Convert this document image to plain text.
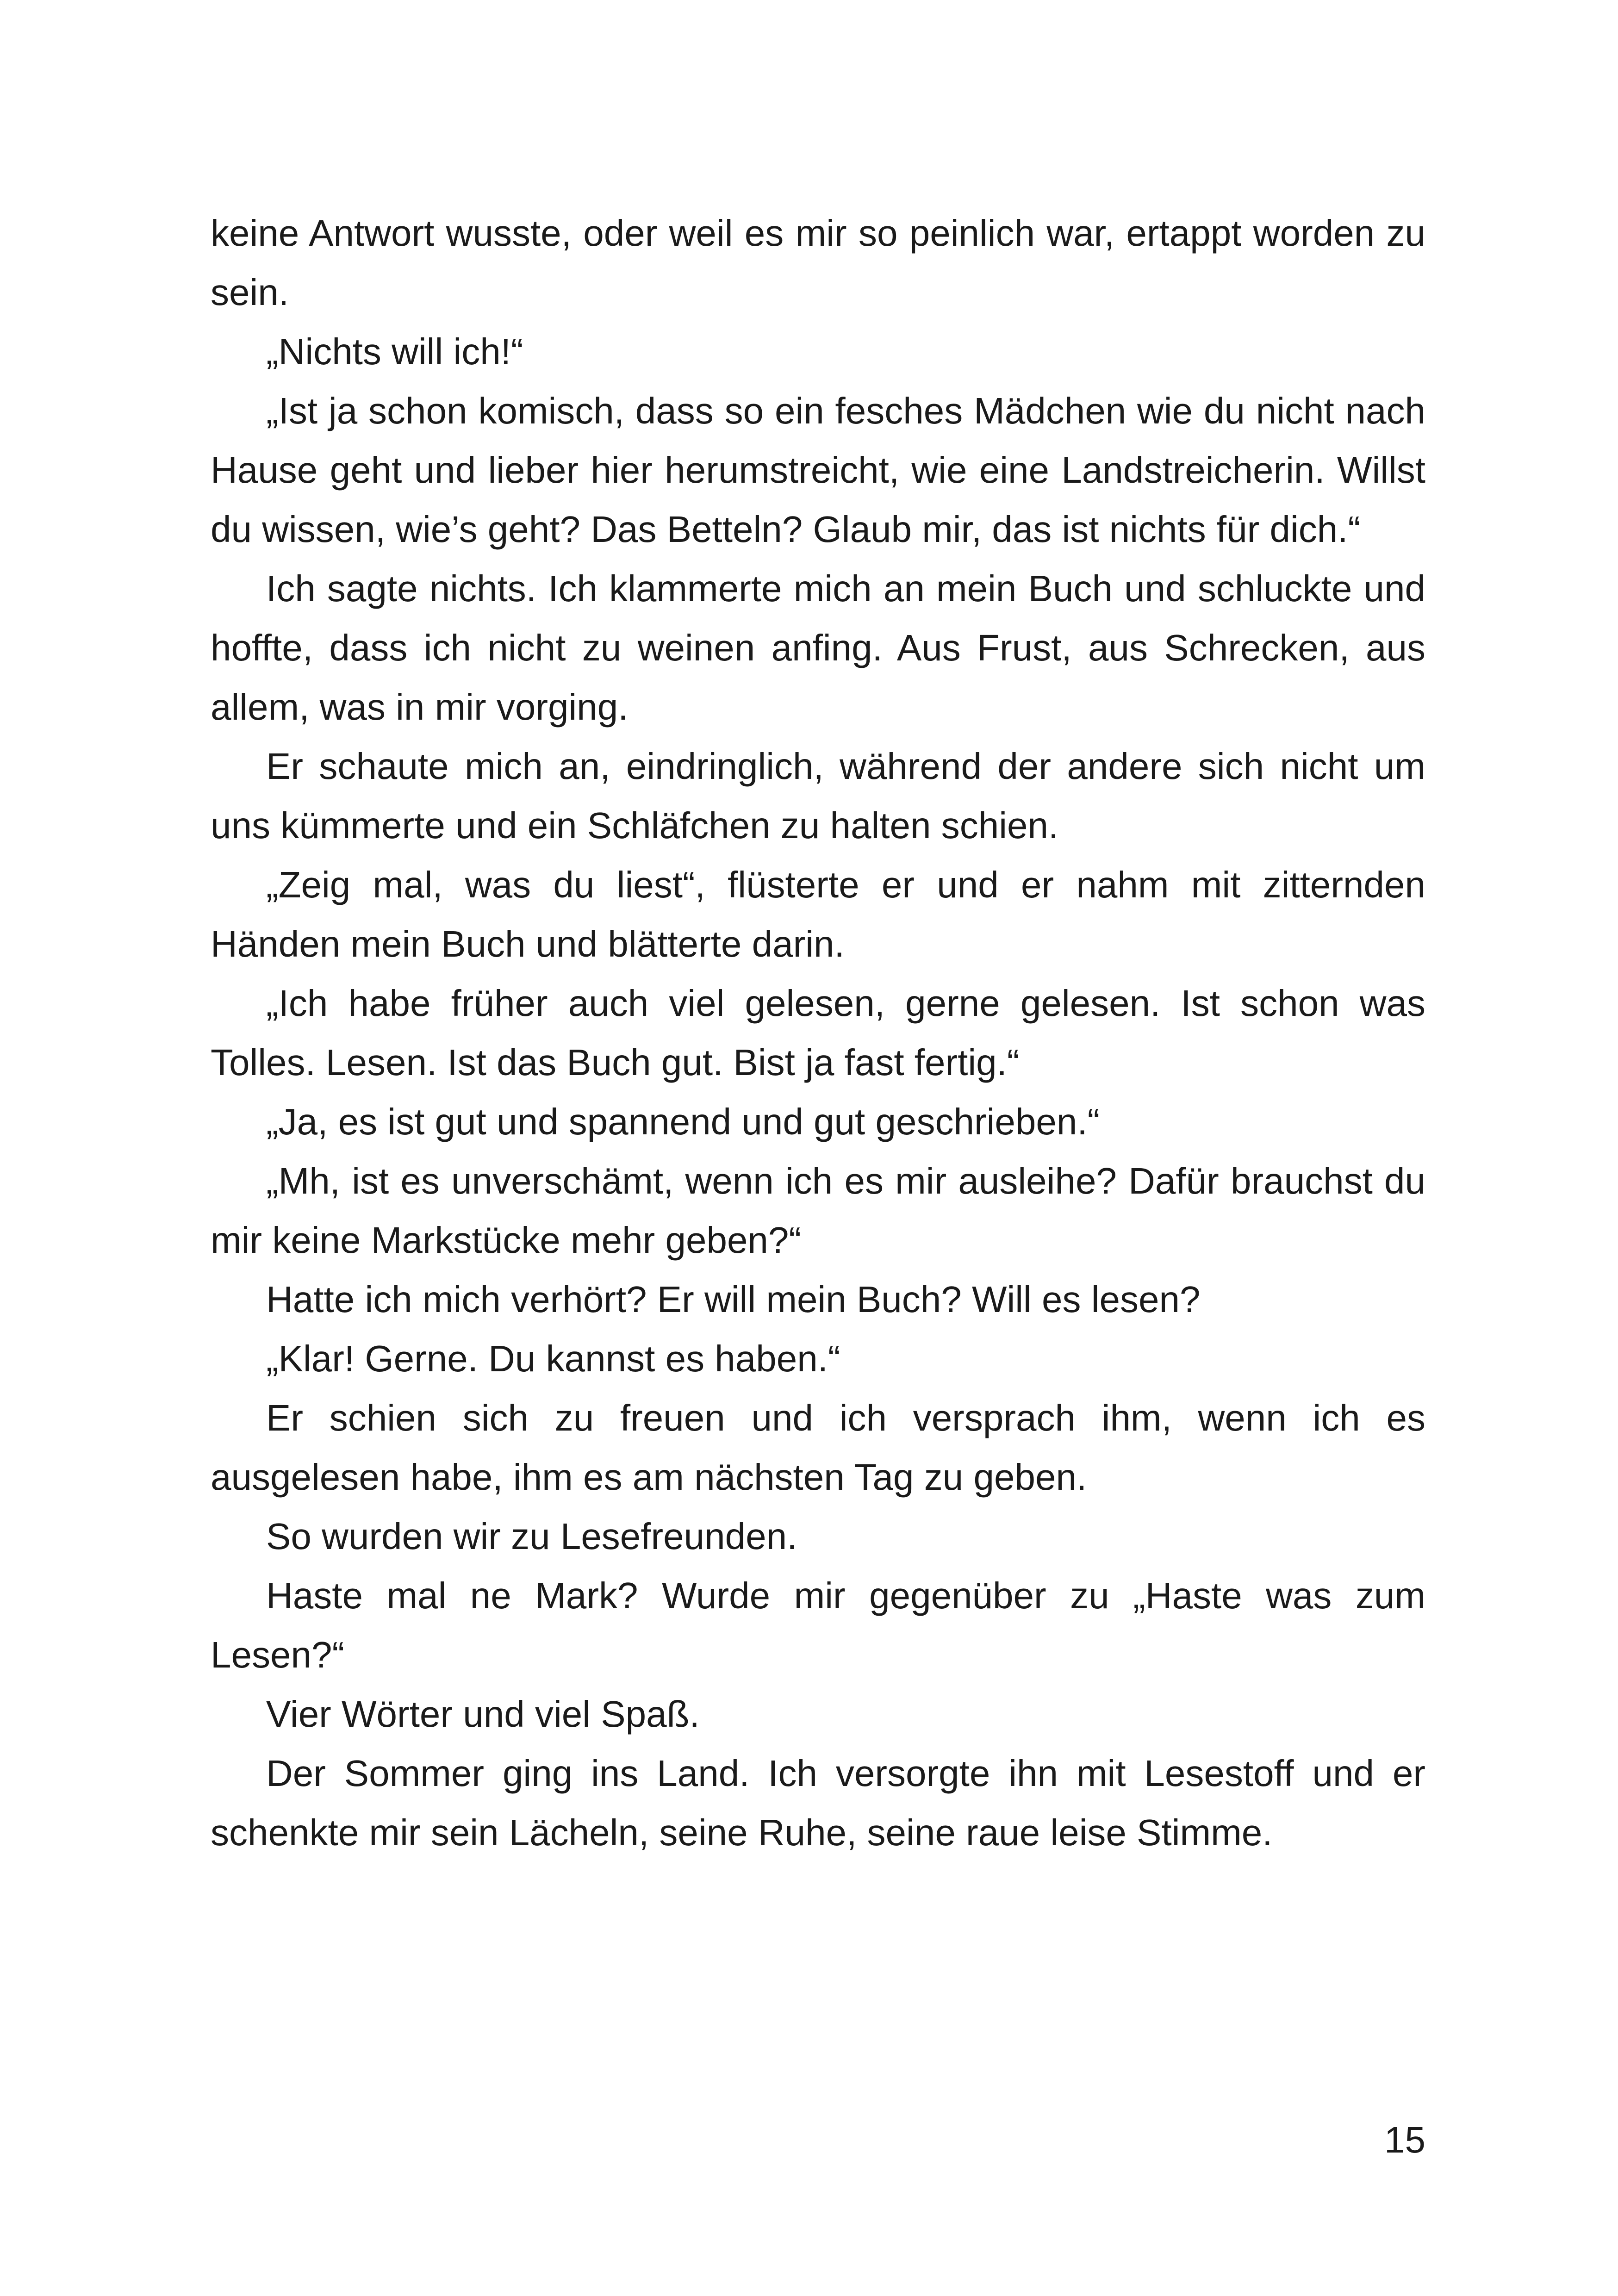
keine Antwort wusste, oder weil es mir so peinlich war, ertappt worden zu sein.

„Nichts will ich!“

„Ist ja schon komisch, dass so ein fesches Mädchen wie du nicht nach Hause geht und lieber hier herumstreicht, wie eine Landstreicherin. Willst du wissen, wie’s geht? Das Betteln? Glaub mir, das ist nichts für dich.“

Ich sagte nichts. Ich klammerte mich an mein Buch und schluckte und hoffte, dass ich nicht zu weinen anfing. Aus Frust, aus Schrecken, aus allem, was in mir vorging.

Er schaute mich an, eindringlich, während der andere sich nicht um uns kümmerte und ein Schläfchen zu halten schien.

„Zeig mal, was du liest“, flüsterte er und er nahm mit zitternden Händen mein Buch und blätterte darin.

„Ich habe früher auch viel gelesen, gerne gelesen. Ist schon was Tolles. Lesen. Ist das Buch gut. Bist ja fast fertig.“

„Ja, es ist gut und spannend und gut geschrieben.“

„Mh, ist es unverschämt, wenn ich es mir ausleihe? Dafür brauchst du mir keine Markstücke mehr geben?“

Hatte ich mich verhört? Er will mein Buch? Will es lesen?

„Klar! Gerne. Du kannst es haben.“

Er schien sich zu freuen und ich versprach ihm, wenn ich es ausgelesen habe, ihm es am nächsten Tag zu geben.

So wurden wir zu Lesefreunden.

Haste mal ne Mark? Wurde mir gegenüber zu „Haste was zum Lesen?“

Vier Wörter und viel Spaß.

Der Sommer ging ins Land. Ich versorgte ihn mit Lesestoff und er schenkte mir sein Lächeln, seine Ruhe, seine raue leise Stimme.

15
